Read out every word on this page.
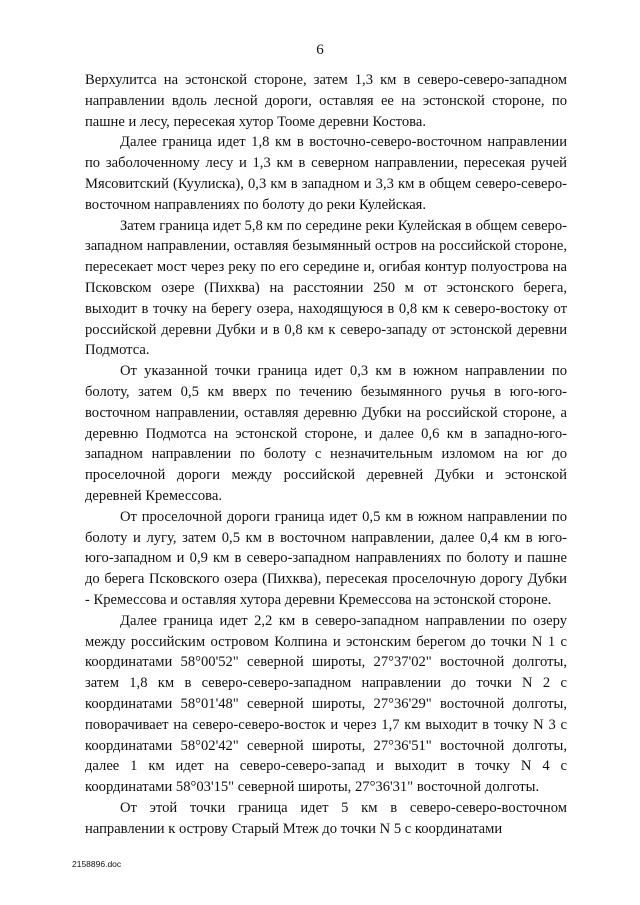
6

Верхулитса на эстонской стороне, затем 1,3 км в северо-северо-западном направлении вдоль лесной дороги, оставляя ее на эстонской стороне, по пашне и лесу, пересекая хутор Тооме деревни Костова.

Далее граница идет 1,8 км в восточно-северо-восточном направлении по заболоченному лесу и 1,3 км в северном направлении, пересекая ручей Мясовитский (Куулиска), 0,3 км в западном и 3,3 км в общем северо-северо-восточном направлениях по болоту до реки Кулейская.

Затем граница идет 5,8 км по середине реки Кулейская в общем северо-западном направлении, оставляя безымянный остров на российской стороне, пересекает мост через реку по его середине и, огибая контур полуострова на Псковском озере (Пихква) на расстоянии 250 м от эстонского берега, выходит в точку на берегу озера, находящуюся в 0,8 км к северо-востоку от российской деревни Дубки и в 0,8 км к северо-западу от эстонской деревни Подмотса.

От указанной точки граница идет 0,3 км в южном направлении по болоту, затем 0,5 км вверх по течению безымянного ручья в юго-юго-восточном направлении, оставляя деревню Дубки на российской стороне, а деревню Подмотса на эстонской стороне, и далее 0,6 км в западно-юго-западном направлении по болоту с незначительным изломом на юг до проселочной дороги между российской деревней Дубки и эстонской деревней Кремессова.

От проселочной дороги граница идет 0,5 км в южном направлении по болоту и лугу, затем 0,5 км в восточном направлении, далее 0,4 км в юго-юго-западном и 0,9 км в северо-западном направлениях по болоту и пашне до берега Псковского озера (Пихква), пересекая проселочную дорогу Дубки - Кремессова и оставляя хутора деревни Кремессова на эстонской стороне.

Далее граница идет 2,2 км в северо-западном направлении по озеру между российским островом Колпина и эстонским берегом до точки N 1 с координатами 58°00'52" северной широты, 27°37'02" восточной долготы, затем 1,8 км в северо-северо-западном направлении до точки N 2 с координатами 58°01'48" северной широты, 27°36'29" восточной долготы, поворачивает на северо-северо-восток и через 1,7 км выходит в точку N 3 с координатами 58°02'42" северной широты, 27°36'51" восточной долготы, далее 1 км идет на северо-северо-запад и выходит в точку N 4 с координатами 58°03'15" северной широты, 27°36'31" восточной долготы.

От этой точки граница идет 5 км в северо-северо-восточном направлении к острову Старый Мтеж до точки N 5 с координатами

2158896.doc
